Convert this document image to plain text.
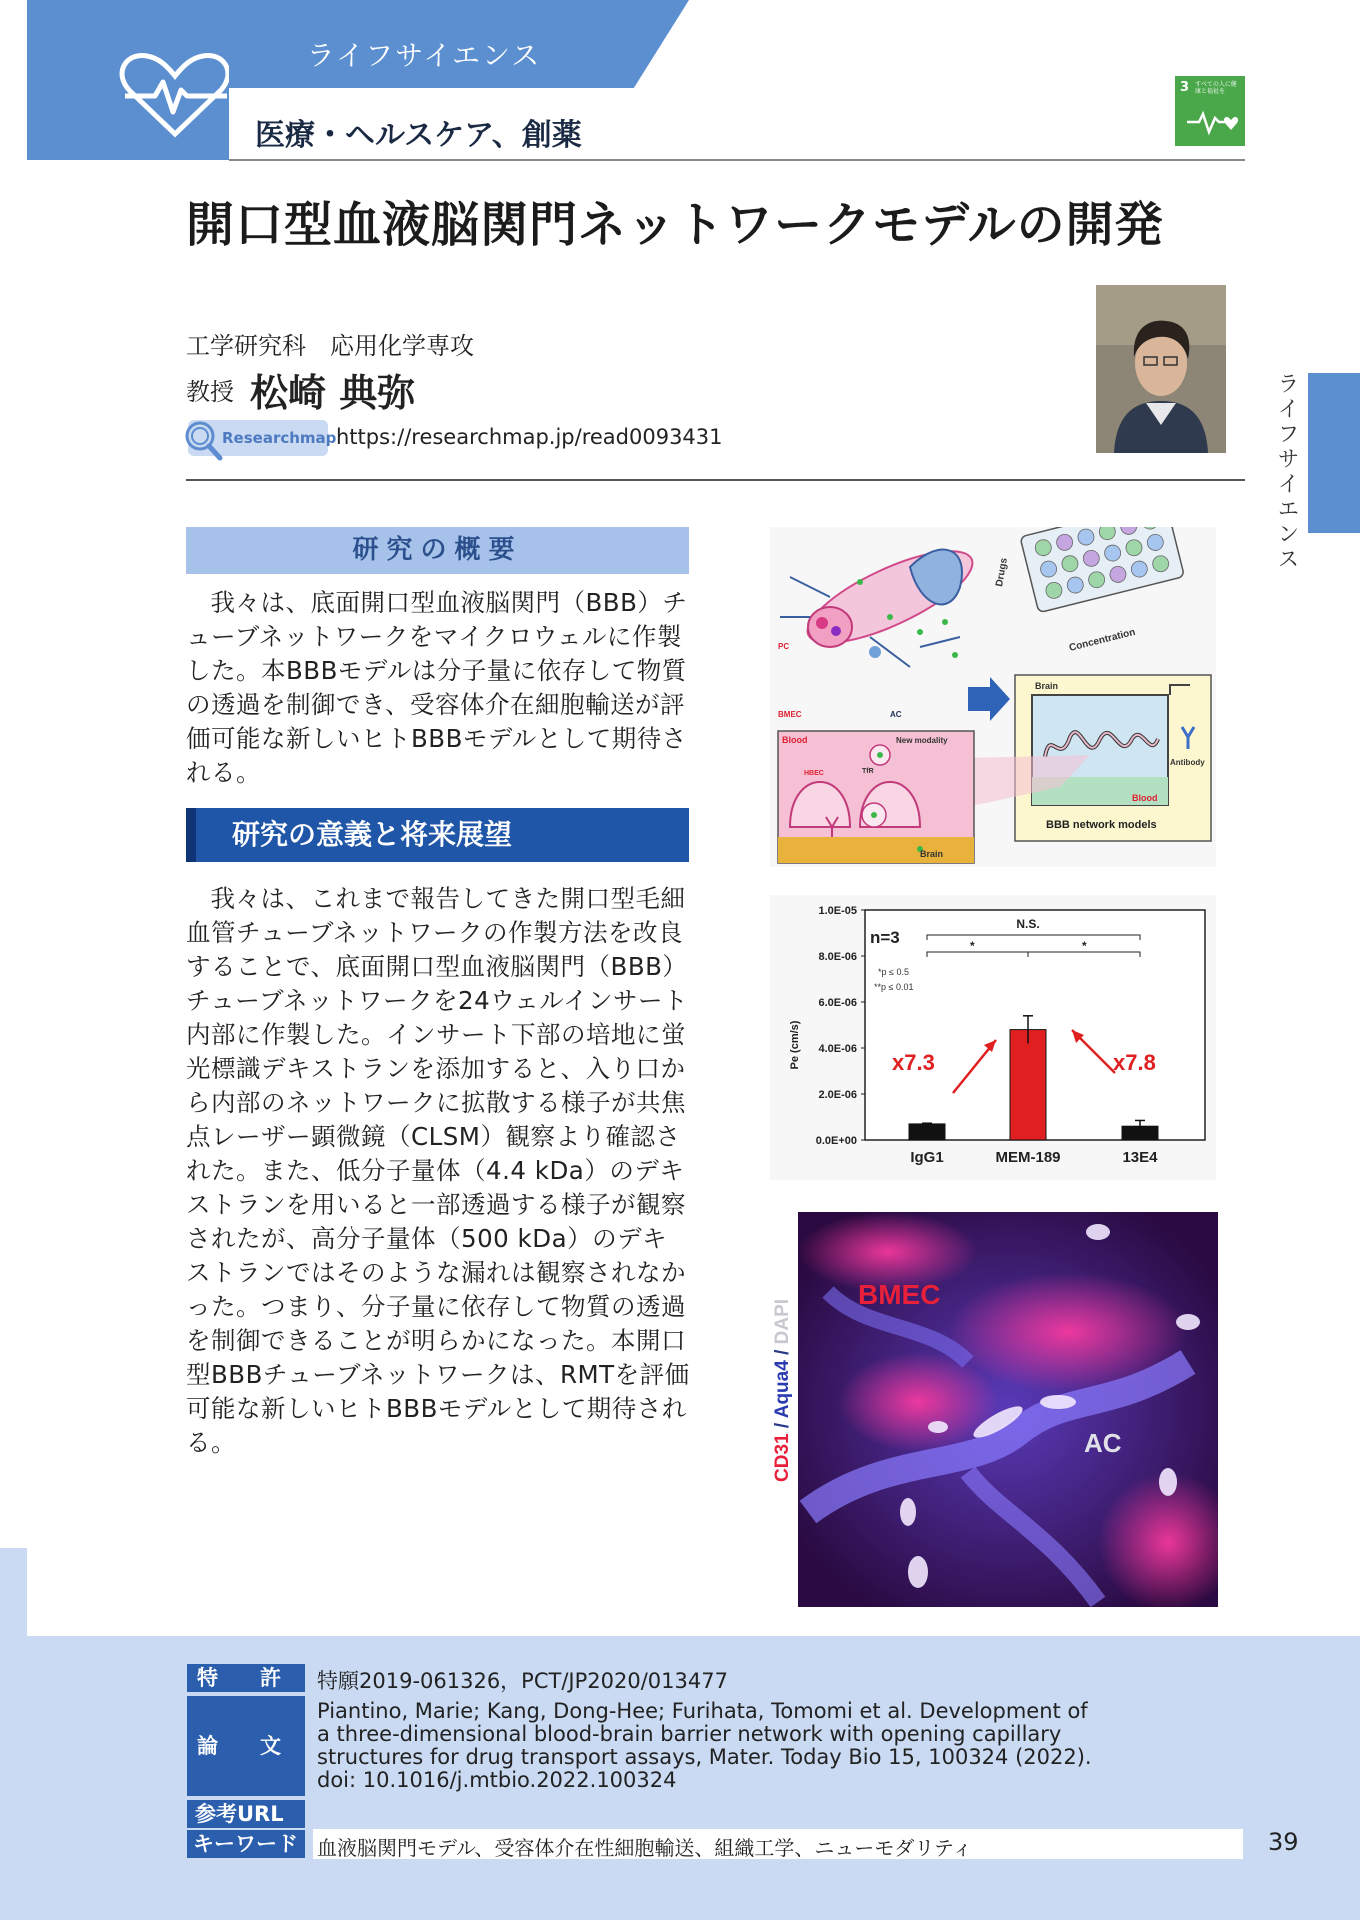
ライフサイエンス
医療・ヘルスケア、創薬
3 すべての人に健康と福祉を
開口型血液脳関門ネットワークモデルの開発
工学研究科　応用化学専攻
教授 松崎 典弥
Researchmap https://researchmap.jp/read0093431	ライフサイエンス
研究の概要
我々は、底面開口型血液脳関門（BBB）チューブネットワークをマイクロウェルに作製した。本BBBモデルは分子量に依存して物質の透過を制御でき、受容体介在細胞輸送が評価可能な新しいヒトBBBモデルとして期待される。
研究の意義と将来展望
我々は、これまで報告してきた開口型毛細血管チューブネットワークの作製方法を改良することで、底面開口型血液脳関門（BBB）チューブネットワークを24ウェルインサート内部に作製した。インサート下部の培地に蛍光標識デキストランを添加すると、入り口から内部のネットワークに拡散する様子が共焦点レーザー顕微鏡（CLSM）観察より確認された。また、低分子量体（4.4 kDa）のデキストランを用いると一部透過する様子が観察されたが、高分子量体（500 kDa）のデキストランではそのような漏れは観察されなかった。つまり、分子量に依存して物質の透過を制御できることが明らかになった。本開口型BBBチューブネットワークは、RMTを評価可能な新しいヒトBBBモデルとして期待される。
Drugs
Concentration
PC
BMEC	AC
Brain
Blood
Antibody
BBB network models
Blood
HBEC
New modality
TfR
Brain
0.0E+00
2.0E-06
4.0E-06
6.0E-06
8.0E-06
1.0E-05
IgG1	MEM-189	13E4
Pe (cm/s)
n=3
N.S.
*	*
*p ≤ 0.5
**p ≤ 0.01
x7.3	x7.8
BMEC
AC
CD31 / Aqua4 / DAPI
特　　許	特願2019-061326，PCT/JP2020/013477
論　　文
Piantino, Marie; Kang, Dong-Hee; Furihata, Tomomi et al. Development of
a three-dimensional blood-brain barrier network with opening capillary
structures for drug transport assays, Mater. Today Bio 15, 100324 (2022).
doi: 10.1016/j.mtbio.2022.100324
参考URL
キーワード 血液脳関門モデル、受容体介在性細胞輸送、組織工学、ニューモダリティ	39
